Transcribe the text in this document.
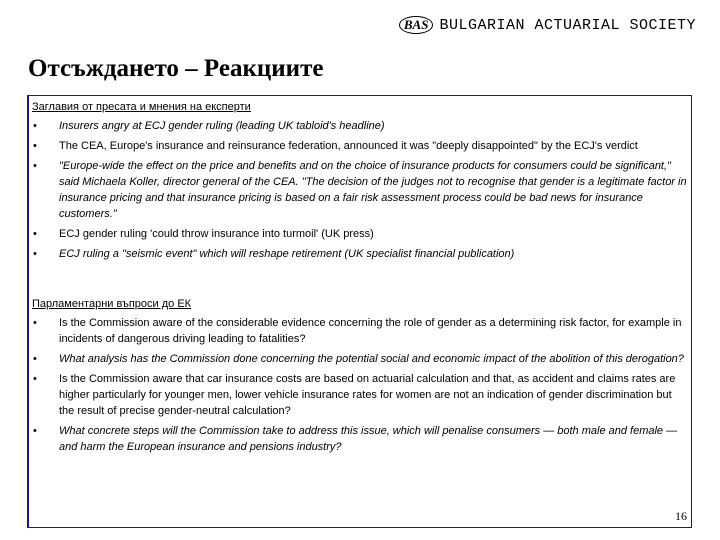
BAS BULGARIAN ACTUARIAL SOCIETY
Отсъждането – Реакциите
Заглавия от пресата и мнения на експерти
• Insurers angry at ECJ gender ruling (leading UK tabloid's headline)
• The CEA, Europe's insurance and reinsurance federation, announced it was "deeply disappointed" by the ECJ's verdict
• "Europe-wide the effect on the price and benefits and on the choice of insurance products for consumers could be significant," said Michaela Koller, director general of the CEA. "The decision of the judges not to recognise that gender is a legitimate factor in insurance pricing and that insurance pricing is based on a fair risk assessment process could be bad news for insurance customers."
• ECJ gender ruling 'could throw insurance into turmoil' (UK press)
• ECJ ruling a "seismic event" which will reshape retirement (UK specialist financial publication)
Парламентарни въпроси до ЕК
• Is the Commission aware of the considerable evidence concerning the role of gender as a determining risk factor, for example in incidents of dangerous driving leading to fatalities?
• What analysis has the Commission done concerning the potential social and economic impact of the abolition of this derogation?
• Is the Commission aware that car insurance costs are based on actuarial calculation and that, as accident and claims rates are higher particularly for younger men, lower vehicle insurance rates for women are not an indication of gender discrimination but the result of precise gender-neutral calculation?
• What concrete steps will the Commission take to address this issue, which will penalise consumers — both male and female — and harm the European insurance and pensions industry?
16
